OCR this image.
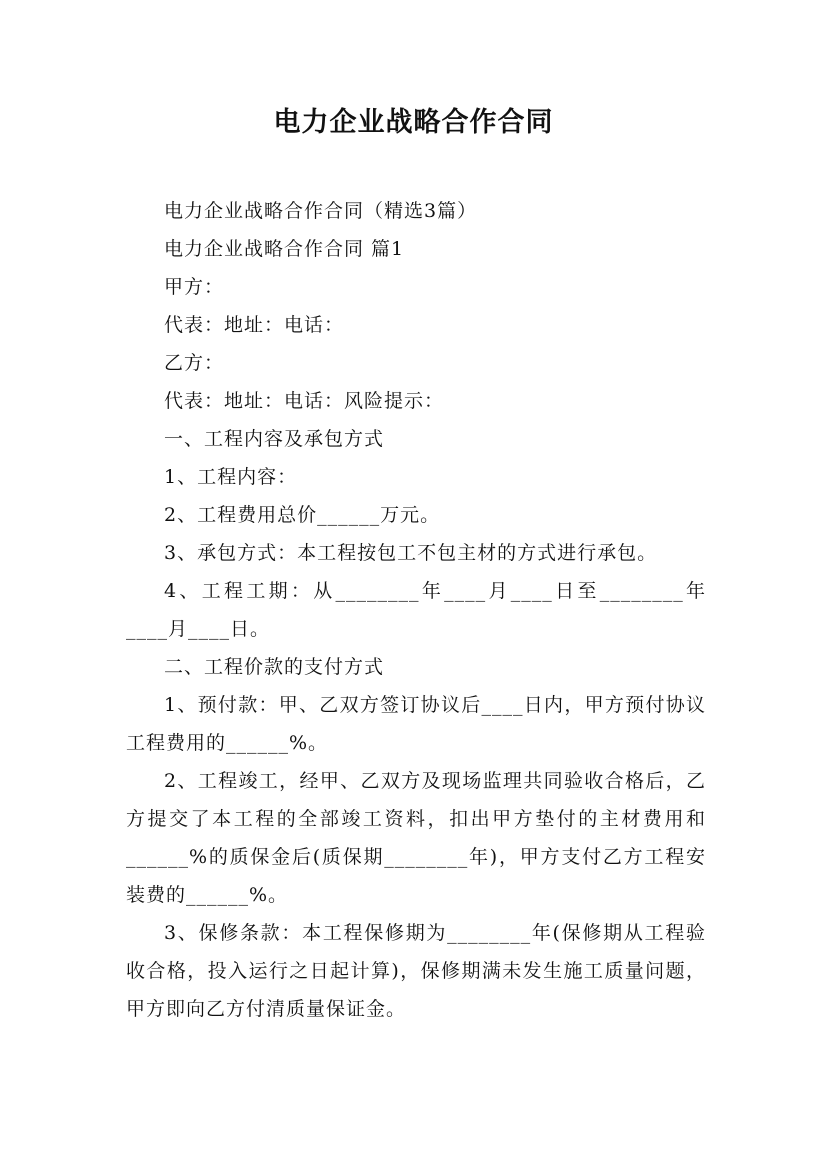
电力企业战略合作合同

电力企业战略合作合同（精选3篇）

电力企业战略合作合同 篇1

甲方：

代表：地址：电话：

乙方：

代表：地址：电话：风险提示：

一、工程内容及承包方式

1、工程内容：

2、工程费用总价______万元。

3、承包方式：本工程按包工不包主材的方式进行承包。

4、工程工期：从________年____月____日至________年____月____日。

二、工程价款的支付方式

1、预付款：甲、乙双方签订协议后____日内，甲方预付协议工程费用的______%。

2、工程竣工，经甲、乙双方及现场监理共同验收合格后，乙方提交了本工程的全部竣工资料，扣出甲方垫付的主材费用和______%的质保金后(质保期________年)，甲方支付乙方工程安装费的______%。

3、保修条款：本工程保修期为________年(保修期从工程验收合格，投入运行之日起计算)，保修期满未发生施工质量问题，甲方即向乙方付清质量保证金。
